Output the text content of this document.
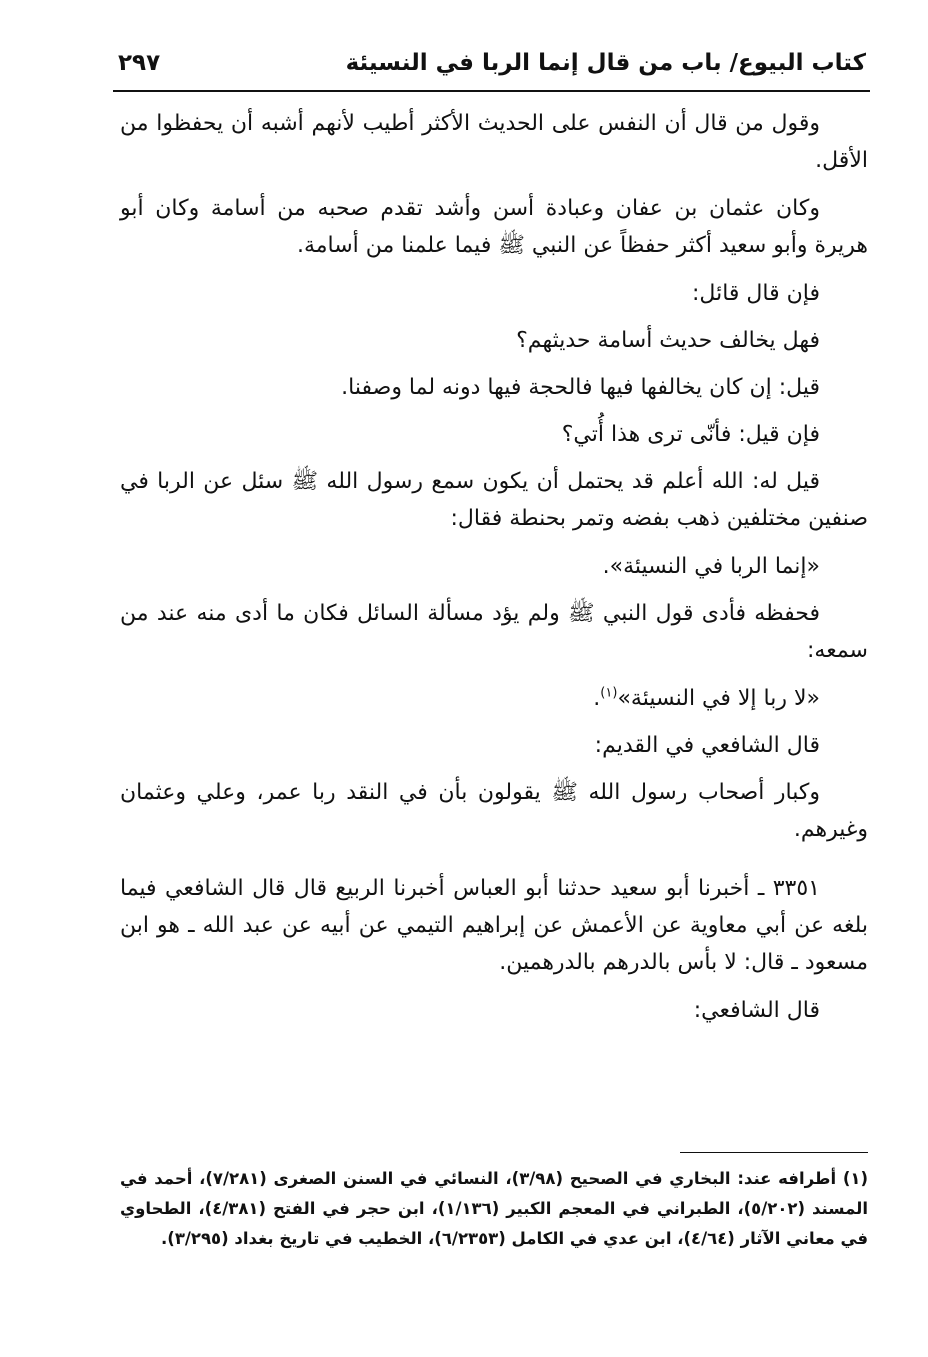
كتاب البيوع/ باب من قال إنما الربا في النسيئة
٢٩٧

وقول من قال أن النفس على الحديث الأكثر أطيب لأنهم أشبه أن يحفظوا من الأقل.

وكان عثمان بن عفان وعبادة أسن وأشد تقدم صحبه من أسامة وكان أبو هريرة وأبو سعيد أكثر حفظاً عن النبي ﷺ فيما علمنا من أسامة.

فإن قال قائل:

فهل يخالف حديث أسامة حديثهم؟

قيل: إن كان يخالفها فيها فالحجة فيها دونه لما وصفنا.

فإن قيل: فأنّى ترى هذا أُتي؟

قيل له: الله أعلم قد يحتمل أن يكون سمع رسول الله ﷺ سئل عن الربا في صنفين مختلفين ذهب بفضه وتمر بحنطة فقال:

«إنما الربا في النسيئة».

فحفظه فأدى قول النبي ﷺ ولم يؤد مسألة السائل فكان ما أدى منه عند من سمعه:

«لا ربا إلا في النسيئة»$^{(١)}$.

قال الشافعي في القديم:

وكبار أصحاب رسول الله ﷺ يقولون بأن في النقد ربا عمر، وعلي وعثمان وغيرهم.

٣٣٥١ ـ أخبرنا أبو سعيد حدثنا أبو العباس أخبرنا الربيع قال قال الشافعي فيما بلغه عن أبي معاوية عن الأعمش عن إبراهيم التيمي عن أبيه عن عبد الله ـ هو ابن مسعود ـ قال: لا بأس بالدرهم بالدرهمين.

قال الشافعي:

(١) أطرافه عند: البخاري في الصحيح (٣/٩٨)، النسائي في السنن الصغرى (٧/٢٨١)، أحمد في المسند (٥/٢٠٢)، الطبراني في المعجم الكبير (١/١٣٦)، ابن حجر في الفتح (٤/٣٨١)، الطحاوي في معاني الآثار (٤/٦٤)، ابن عدي في الكامل (٦/٢٣٥٣)، الخطيب في تاريخ بغداد (٣/٢٩٥).
